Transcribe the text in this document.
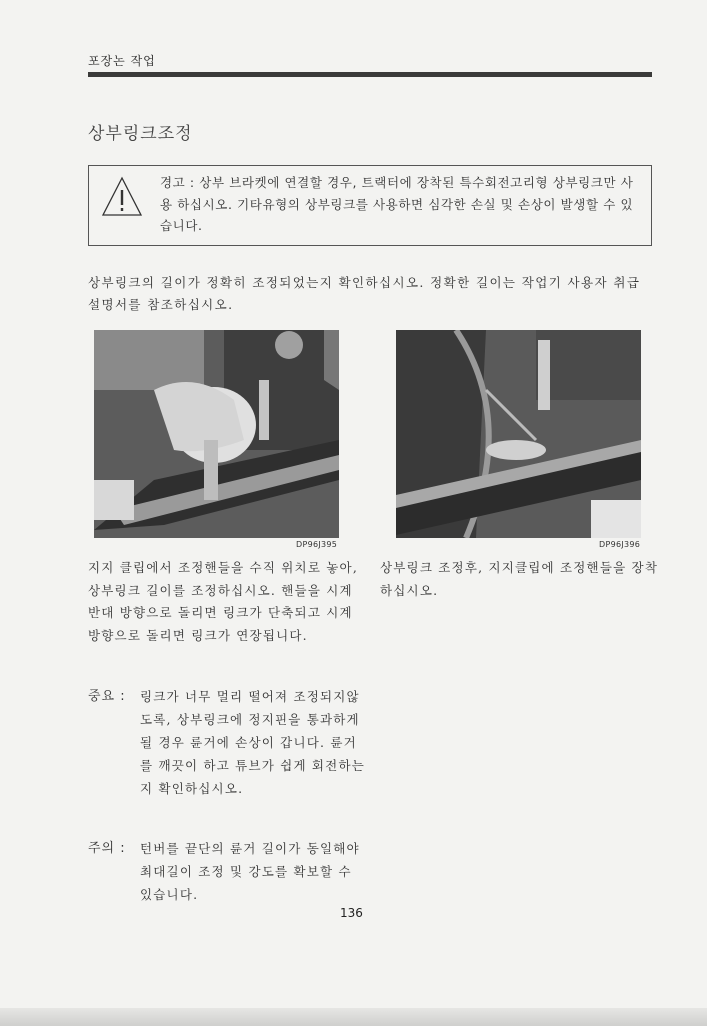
포장논 작업
상부링크조정
경고 : 상부 브라켓에 연결할 경우, 트랙터에 장착된 특수회전고리형 상부링크만 사용 하십시오. 기타유형의 상부링크를 사용하면 심각한 손실 및 손상이 발생할 수 있습니다.
상부링크의 길이가 정확히 조정되었는지 확인하십시오. 정확한 길이는 작업기 사용자 취급 설명서를 참조하십시오.
DP96J395	DP96J396
지지 클립에서 조정핸들을 수직 위치로 놓아, 상부링크 길이를 조정하십시오. 핸들을 시계 반대 방향으로 돌리면 링크가 단축되고 시계 방향으로 돌리면 링크가 연장됩니다.
상부링크 조정후, 지지클립에 조정핸들을 장착하십시오.
중요 : 링크가 너무 멀리 떨어져 조정되지않도록, 상부링크에 정지핀을 통과하게 될 경우 륜거에 손상이 갑니다. 륜거를 깨끗이 하고 튜브가 쉽게 회전하는지 확인하십시오.
주의 : 턴버를 끝단의 륜거 길이가 동일해야 최대길이 조정 및 강도를 확보할 수 있습니다.
136
